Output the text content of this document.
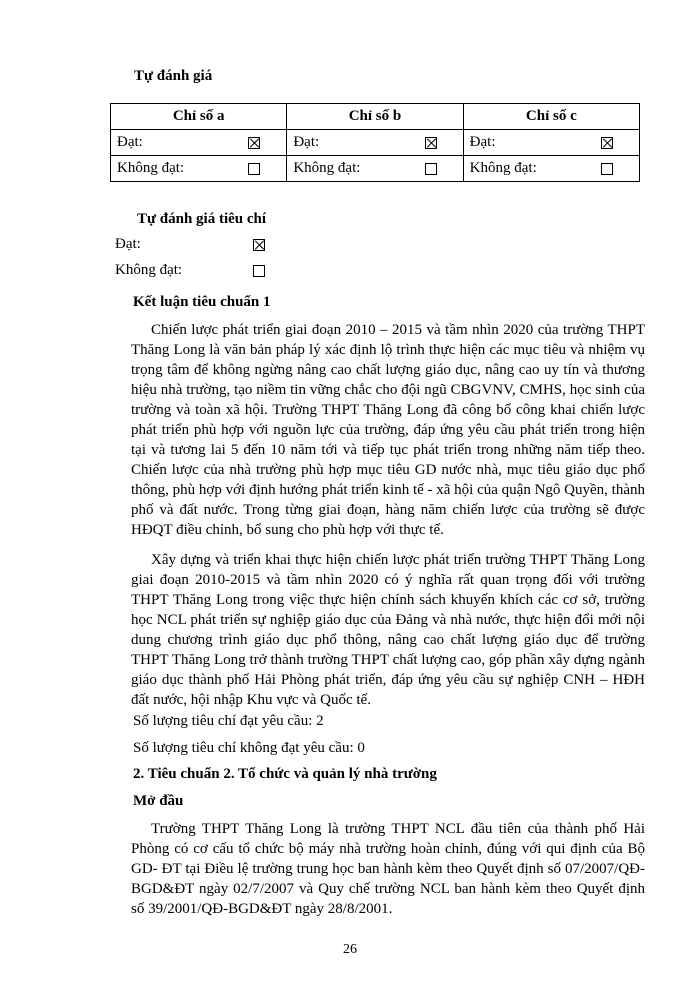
Tự đánh giá
Chỉ số a	Chỉ số b	Chỉ số c

Đạt:	Đạt:	Đạt:

Không đạt:	Không đạt:	Không đạt:
Tự đánh giá tiêu chí
Đạt:
Không đạt:
Kết luận tiêu chuẩn 1
Chiến lược phát triển giai đoạn 2010 – 2015 và tầm nhìn 2020 của trường THPT Thăng Long là văn bản pháp lý xác định lộ trình thực hiện các mục tiêu và nhiệm vụ trọng tâm để không ngừng nâng cao chất lượng giáo dục, nâng cao uy tín và thương hiệu nhà trường, tạo niềm tin vững chắc cho đội ngũ CBGVNV, CMHS, học sinh của trường và toàn xã hội. Trường THPT Thăng Long đã công bố công khai chiến lược phát triển phù hợp với nguồn lực của trường, đáp ứng yêu cầu phát triển trong hiện tại và tương lai 5 đến 10 năm tới và tiếp tục phát triển trong những năm tiếp theo. Chiến lược của nhà trường phù hợp mục tiêu GD nước nhà, mục tiêu giáo dục phổ thông, phù hợp với định hướng phát triển kinh tế - xã hội của quận Ngô Quyền, thành phố và đất nước. Trong từng giai đoạn, hàng năm chiến lược của trường sẽ được HĐQT điều chỉnh, bổ sung cho phù hợp với thực tế.
Xây dựng và triển khai thực hiện chiến lược phát triển trường THPT Thăng Long giai đoạn 2010-2015 và tầm nhìn 2020 có ý nghĩa rất quan trọng đối với trường THPT Thăng Long trong việc thực hiện chính sách khuyến khích các cơ sở, trường học NCL phát triển sự nghiệp giáo dục của Đảng và nhà nước, thực hiện đổi mới nội dung chương trình giáo dục phổ thông, nâng cao chất lượng giáo dục để trường THPT Thăng Long trở thành trường THPT chất lượng cao, góp phần xây dựng ngành giáo dục thành phố Hải Phòng phát triển, đáp ứng yêu cầu sự nghiệp CNH – HĐH đất nước, hội nhập Khu vực và Quốc tế.
Số lượng tiêu chí đạt yêu cầu: 2
Số lượng tiêu chí không đạt yêu cầu: 0
2. Tiêu chuẩn 2. Tổ chức và quản lý nhà trường
Mở đầu
Trường THPT Thăng Long là trường THPT NCL đầu tiên của thành phố Hải Phòng có cơ cấu tổ chức bộ máy nhà trường hoàn chỉnh, đúng với qui định của Bộ GD- ĐT tại Điều lệ trường trung học ban hành kèm theo Quyết định số 07/2007/QĐ-BGD&ĐT ngày 02/7/2007 và Quy chế trường NCL ban hành kèm theo Quyết định số 39/2001/QĐ-BGD&ĐT ngày 28/8/2001.
26
